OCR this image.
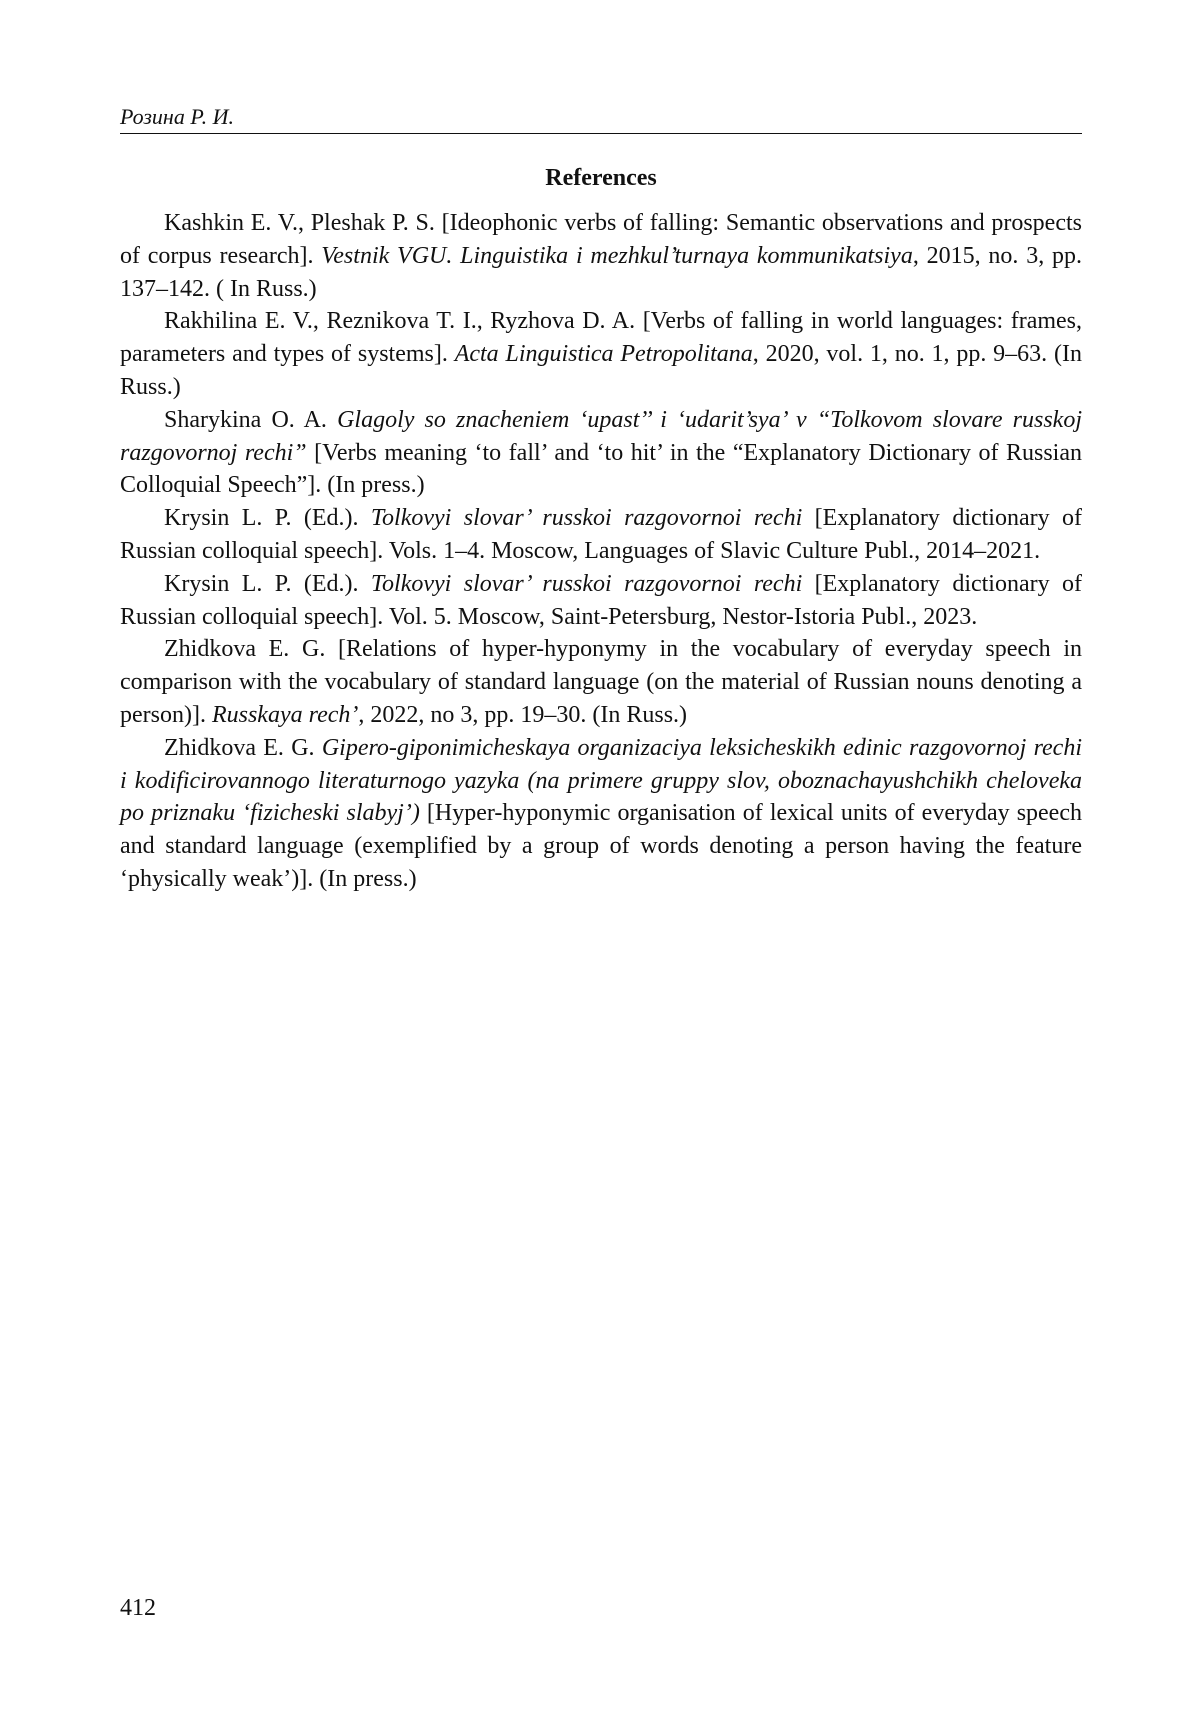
Розина Р. И.
References

Kashkin E. V., Pleshak P. S. [Ideophonic verbs of falling: Semantic observations and prospects of corpus research]. Vestnik VGU. Linguistika i mezhkul’turnaya kommunikatsiya, 2015, no. 3, pp. 137–142. ( In Russ.)

Rakhilina E. V., Reznikova T. I., Ryzhova D. A. [Verbs of falling in world languages: frames, parameters and types of systems]. Acta Linguistica Petropolitana, 2020, vol. 1, no. 1, pp. 9–63. (In Russ.)

Sharykina O. A. Glagoly so znacheniem ‘upast’’ i ‘udarit’sya’ v “Tolkovom slovare russkoj razgovornoj rechi” [Verbs meaning ‘to fall’ and ‘to hit’ in the “Explanatory Dictionary of Russian Colloquial Speech”]. (In press.)

Krysin L. P. (Ed.). Tolkovyi slovar’ russkoi razgovornoi rechi [Explanatory dictionary of Russian colloquial speech]. Vols. 1–4. Moscow, Languages of Slavic Culture Publ., 2014–2021.

Krysin L. P. (Ed.). Tolkovyi slovar’ russkoi razgovornoi rechi [Explanatory dictionary of Russian colloquial speech]. Vol. 5. Moscow, Saint-Petersburg, Nestor-Istoria Publ., 2023.

Zhidkova E. G. [Relations of hyper-hyponymy in the vocabulary of everyday speech in comparison with the vocabulary of standard language (on the material of Russian nouns denoting a person)]. Russkaya rech’, 2022, no 3, pp. 19–30. (In Russ.)

Zhidkova E. G. Gipero-giponimicheskaya organizaciya leksicheskikh edinic razgovornoj rechi i kodificirovannogo literaturnogo yazyka (na primere gruppy slov, oboznachayushchikh cheloveka po priznaku ‘fizicheski slabyj’) [Hyper-hyponymic organisation of lexical units of everyday speech and standard language (exemplified by a group of words denoting a person having the feature ‘physically weak’)]. (In press.)

412
